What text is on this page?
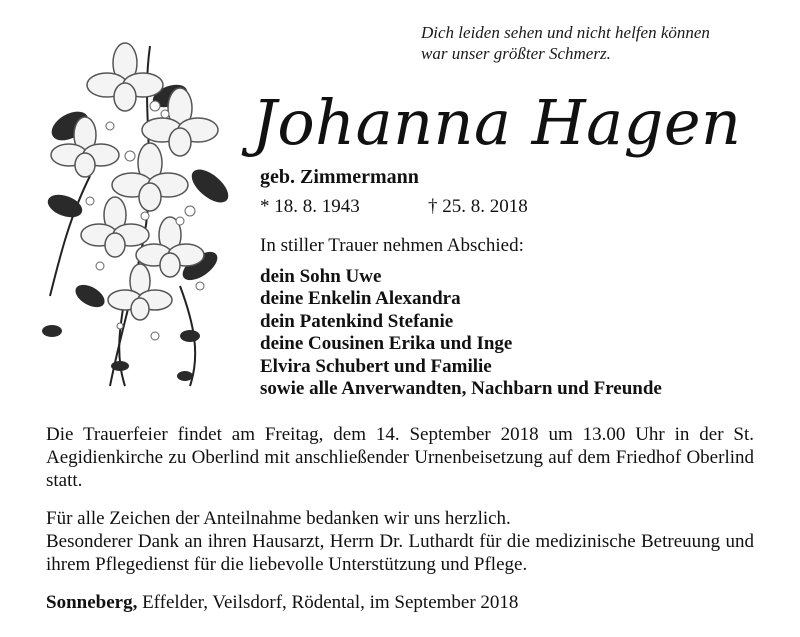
Dich leiden sehen und nicht helfen können
war unser größter Schmerz.
Johanna Hagen
geb. Zimmermann
* 18. 8. 1943	† 25. 8. 2018
In stiller Trauer nehmen Abschied:
dein Sohn Uwe
deine Enkelin Alexandra
dein Patenkind Stefanie
deine Cousinen Erika und Inge
Elvira Schubert und Familie
sowie alle Anverwandten, Nachbarn und Freunde
Die Trauerfeier findet am Freitag, dem 14. September 2018 um 13.00 Uhr in der St. Aegidienkirche zu Oberlind mit anschließender Urnenbeisetzung auf dem Friedhof Oberlind statt.
Für alle Zeichen der Anteilnahme bedanken wir uns herzlich.
Besonderer Dank an ihren Hausarzt, Herrn Dr. Luthardt für die medizinische Betreuung und ihrem Pflegedienst für die liebevolle Unterstützung und Pflege.
Sonneberg, Effelder, Veilsdorf, Rödental, im September 2018
